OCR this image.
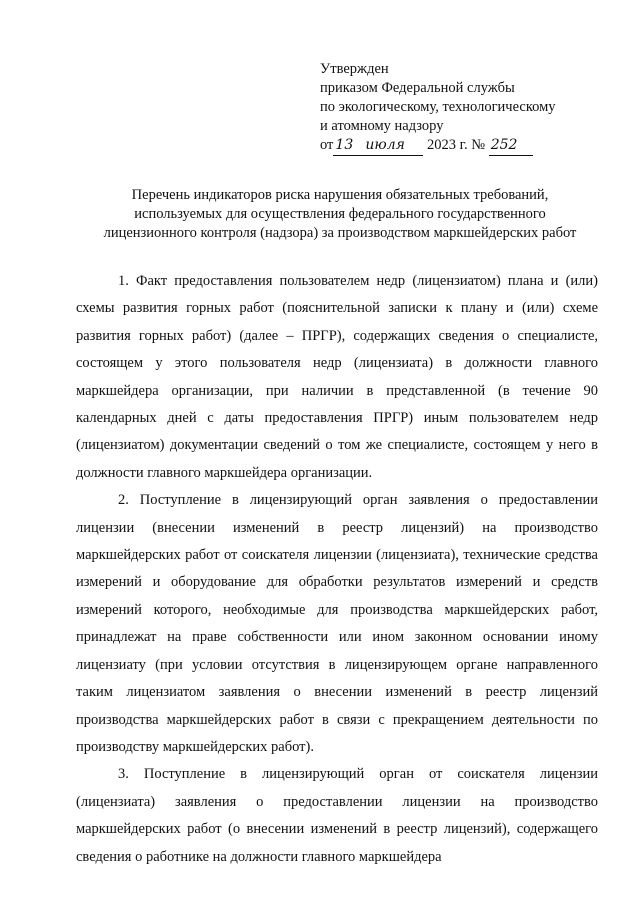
Утвержден
приказом Федеральной службы
по экологическому, технологическому
и атомному надзору
от 13 июля 2023 г. № 252
Перечень индикаторов риска нарушения обязательных требований,
используемых для осуществления федерального государственного
лицензионного контроля (надзора) за производством маркшейдерских работ

1. Факт предоставления пользователем недр (лицензиатом) плана и (или) схемы развития горных работ (пояснительной записки к плану и (или) схеме развития горных работ) (далее – ПРГР), содержащих сведения о специалисте, состоящем у этого пользователя недр (лицензиата) в должности главного маркшейдера организации, при наличии в представленной (в течение 90 календарных дней с даты предоставления ПРГР) иным пользователем недр (лицензиатом) документации сведений о том же специалисте, состоящем у него в должности главного маркшейдера организации.

2. Поступление в лицензирующий орган заявления о предоставлении лицензии (внесении изменений в реестр лицензий) на производство маркшейдерских работ от соискателя лицензии (лицензиата), технические средства измерений и оборудование для обработки результатов измерений и средств измерений которого, необходимые для производства маркшейдерских работ, принадлежат на праве собственности или ином законном основании иному лицензиату (при условии отсутствия в лицензирующем органе направленного таким лицензиатом заявления о внесении изменений в реестр лицензий производства маркшейдерских работ в связи с прекращением деятельности по производству маркшейдерских работ).

3. Поступление в лицензирующий орган от соискателя лицензии (лицензиата) заявления о предоставлении лицензии на производство маркшейдерских работ (о внесении изменений в реестр лицензий), содержащего сведения о работнике на должности главного маркшейдера
